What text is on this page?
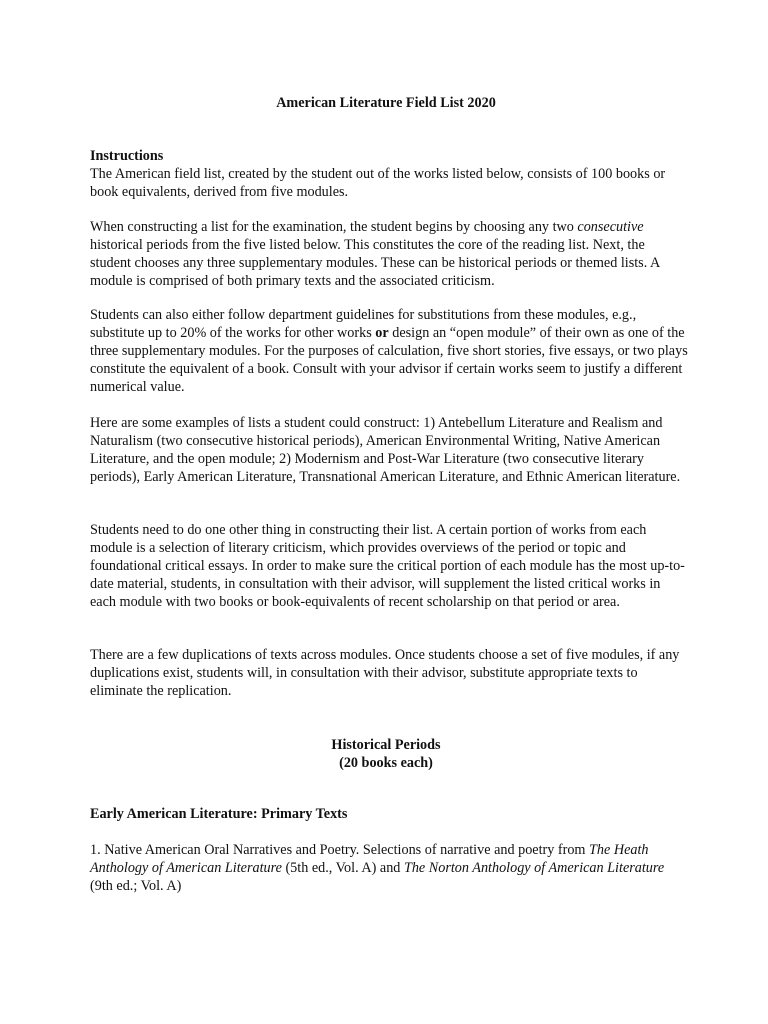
American Literature Field List 2020
Instructions
The American field list, created by the student out of the works listed below, consists of 100 books or book equivalents, derived from five modules.
When constructing a list for the examination, the student begins by choosing any two consecutive historical periods from the five listed below. This constitutes the core of the reading list. Next, the student chooses any three supplementary modules. These can be historical periods or themed lists. A module is comprised of both primary texts and the associated criticism.
Students can also either follow department guidelines for substitutions from these modules, e.g., substitute up to 20% of the works for other works or design an “open module” of their own as one of the three supplementary modules. For the purposes of calculation, five short stories, five essays, or two plays constitute the equivalent of a book. Consult with your advisor if certain works seem to justify a different numerical value.
Here are some examples of lists a student could construct: 1) Antebellum Literature and Realism and Naturalism (two consecutive historical periods), American Environmental Writing, Native American Literature, and the open module; 2) Modernism and Post-War Literature (two consecutive literary periods), Early American Literature, Transnational American Literature, and Ethnic American literature.
Students need to do one other thing in constructing their list. A certain portion of works from each module is a selection of literary criticism, which provides overviews of the period or topic and foundational critical essays. In order to make sure the critical portion of each module has the most up-to-date material, students, in consultation with their advisor, will supplement the listed critical works in each module with two books or book-equivalents of recent scholarship on that period or area.
There are a few duplications of texts across modules. Once students choose a set of five modules, if any duplications exist, students will, in consultation with their advisor, substitute appropriate texts to eliminate the replication.
Historical Periods
(20 books each)
Early American Literature: Primary Texts
1. Native American Oral Narratives and Poetry. Selections of narrative and poetry from The Heath Anthology of American Literature (5th ed., Vol. A) and The Norton Anthology of American Literature (9th ed.; Vol. A)
